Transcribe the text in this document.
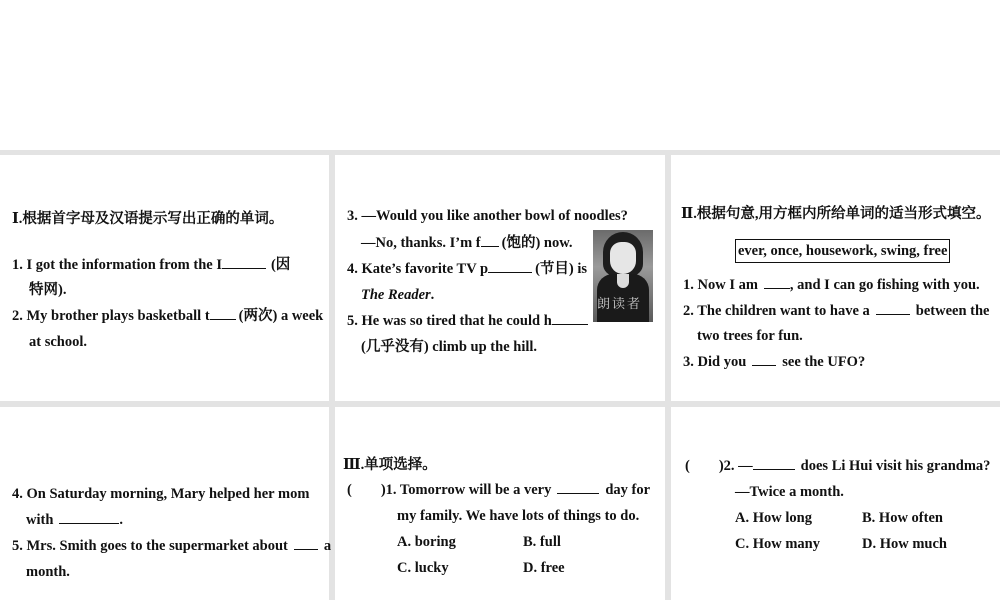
Ⅰ.根据首字母及汉语提示写出正确的单词。
1. I got the information from the I	(因
特网).
2. My brother plays basketball t (两次) a week
at school.
3. —Would you like another bowl of noodles?
—No, thanks. I’m f (饱的) now.
4. Kate’s favorite TV p	(节目) is
The Reader.
5. He was so tired that he could h
(几乎没有) climb up the hill.
朗读者
Ⅱ.根据句意,用方框内所给单词的适当形式填空。
ever, once, housework, swing, free
1. Now I am , and I can go fishing with you.
2. The children want to have a	between the
two trees for fun.
3. Did you see the UFO?
4. On Saturday morning, Mary helped her mom
with	.
5. Mrs. Smith goes to the supermarket about a
month.
Ⅲ.单项选择。
(　　)1. Tomorrow will be a very	day for
my family. We have lots of things to do.
A. boring	B. full
C. lucky	D. free
(　　)2. —	does Li Hui visit his grandma?
—Twice a month.
A. How long	B. How often
C. How many	D. How much
